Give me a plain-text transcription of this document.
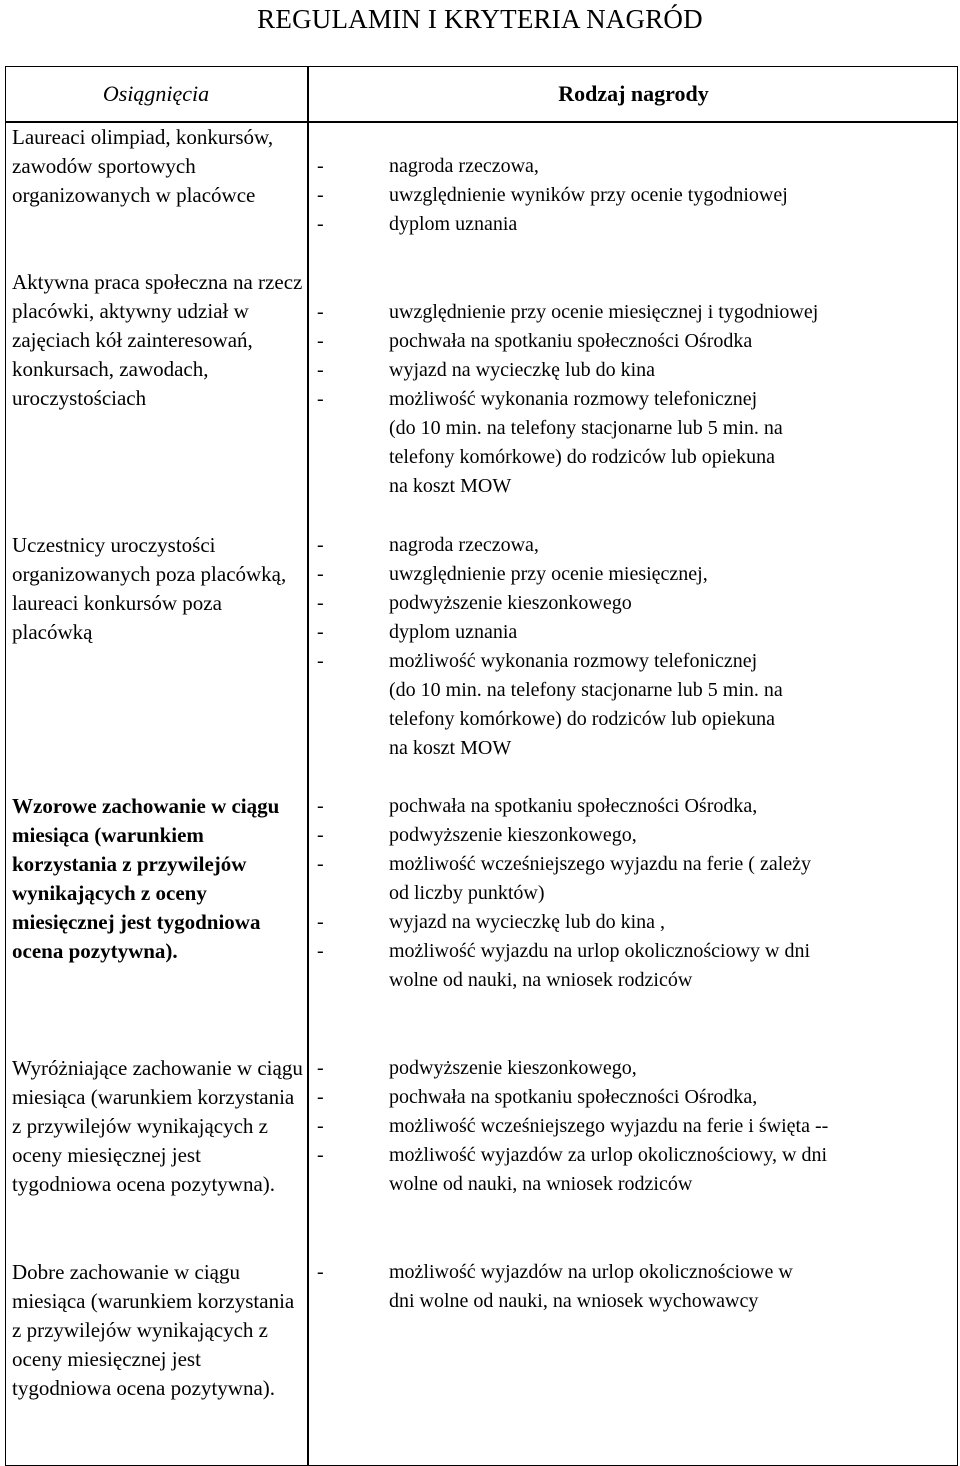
REGULAMIN I KRYTERIA NAGRÓD
Osiągnięcia	Rodzaj nagrody

Laureaci olimpiad, konkursów, zawodów sportowych organizowanych w placówce

-	nagroda rzeczowa,
-	uwzględnienie wyników przy ocenie tygodniowej
-	dyplom uznania

Aktywna praca społeczna na rzecz placówki, aktywny udział w zajęciach kół zainteresowań, konkursach, zawodach, uroczystościach

-	uwzględnienie przy ocenie miesięcznej i tygodniowej
-	pochwała na spotkaniu społeczności Ośrodka
-	wyjazd na wycieczkę lub do kina
-	możliwość wykonania rozmowy telefonicznej
(do 10 min. na telefony stacjonarne lub 5 min. na
telefony komórkowe) do rodziców lub opiekuna
na koszt MOW

Uczestnicy uroczystości organizowanych poza placówką, laureaci konkursów poza placówką

-	nagroda rzeczowa,
-	uwzględnienie przy ocenie miesięcznej,
-	podwyższenie kieszonkowego
-	dyplom uznania
-	możliwość wykonania rozmowy telefonicznej
(do 10 min. na telefony stacjonarne lub 5 min. na
telefony komórkowe) do rodziców lub opiekuna
na koszt MOW

Wzorowe zachowanie w ciągu miesiąca (warunkiem korzystania z przywilejów wynikających z oceny miesięcznej jest tygodniowa ocena pozytywna).

-	pochwała na spotkaniu społeczności Ośrodka,
-	podwyższenie kieszonkowego,
-	możliwość wcześniejszego wyjazdu na ferie ( zależy
od liczby punktów)
-	wyjazd na wycieczkę lub do kina ,
-	możliwość wyjazdu na urlop okolicznościowy w dni
wolne od nauki, na wniosek rodziców

Wyróżniające zachowanie w ciągu miesiąca (warunkiem korzystania z przywilejów wynikających z oceny miesięcznej jest tygodniowa ocena pozytywna).

-	podwyższenie kieszonkowego,
-	pochwała na spotkaniu społeczności Ośrodka,
-	możliwość wcześniejszego wyjazdu na ferie i święta --
-	możliwość wyjazdów za urlop okolicznościowy, w dni
wolne od nauki, na wniosek rodziców

Dobre zachowanie w ciągu miesiąca (warunkiem korzystania z przywilejów wynikających z oceny miesięcznej jest tygodniowa ocena pozytywna).

-	możliwość wyjazdów na urlop okolicznościowe w
dni wolne od nauki, na wniosek wychowawcy
